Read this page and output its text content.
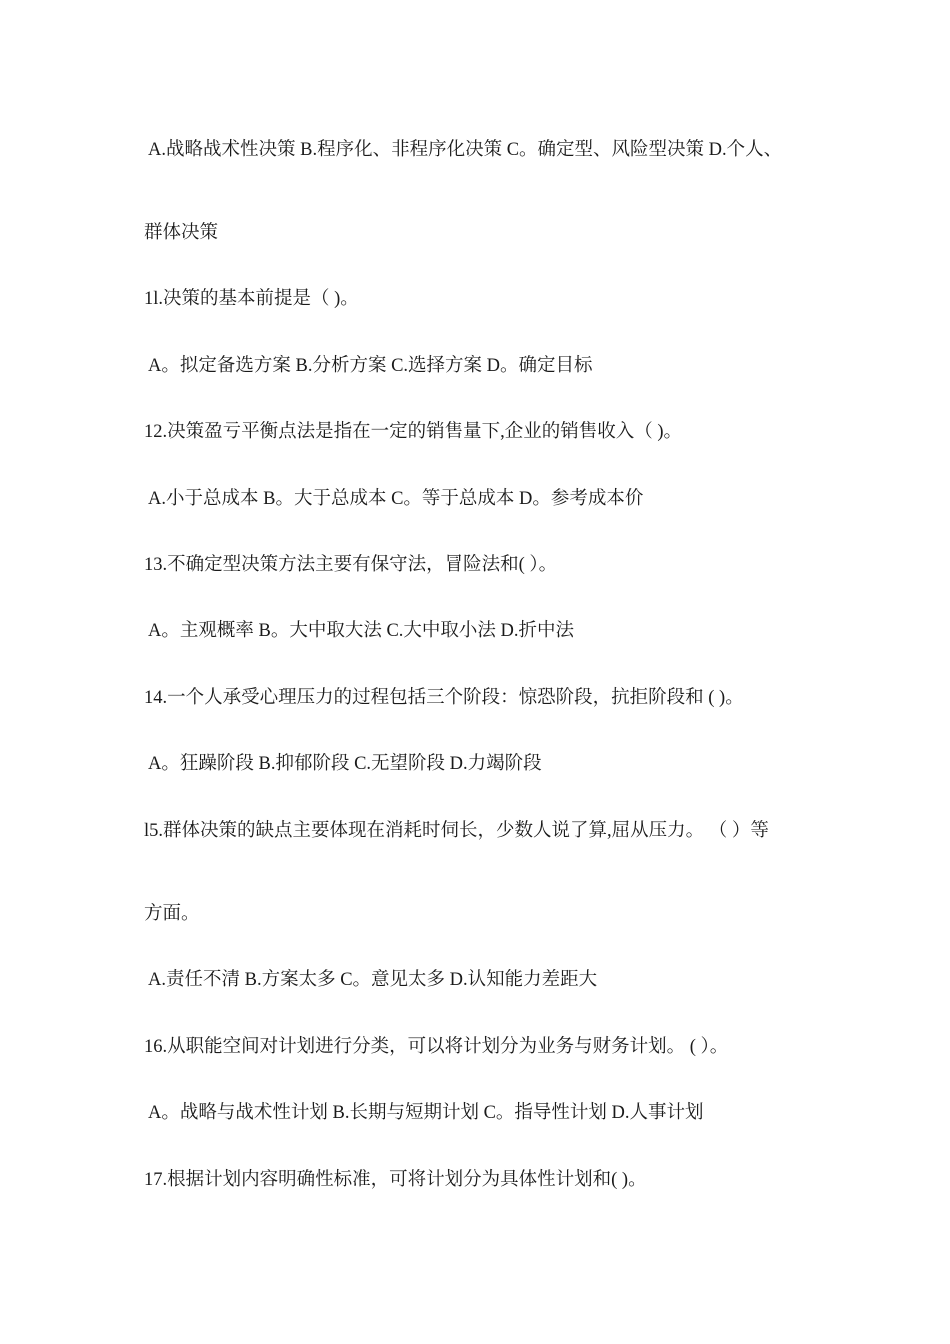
A.战略战术性决策 B.程序化、非程序化决策 C。确定型、风险型决策 D.个人、
群体决策
1l.决策的基本前提是（ )。
A。拟定备选方案 B.分析方案 C.选择方案 D。确定目标
12.决策盈亏平衡点法是指在一定的销售量下,企业的销售收入（ )。
A.小于总成本 B。大于总成本 C。等于总成本 D。参考成本价
13.不确定型决策方法主要有保守法，冒险法和( ）。
A。主观概率 B。大中取大法 C.大中取小法 D.折中法
14.一个人承受心理压力的过程包括三个阶段：惊恐阶段，抗拒阶段和 ( )。
A。狂躁阶段 B.抑郁阶段 C.无望阶段 D.力竭阶段
l5.群体决策的缺点主要体现在消耗时伺长，少数人说了算,屈从压力。 （ ）等
方面。
A.责任不清 B.方案太多 C。意见太多 D.认知能力差距大
16.从职能空间对计划进行分类，可以将计划分为业务与财务计划。 ( ）。
A。战略与战术性计划 B.长期与短期计划 C。指导性计划 D.人事计划
17.根据计划内容明确性标准，可将计划分为具体性计划和( )。
